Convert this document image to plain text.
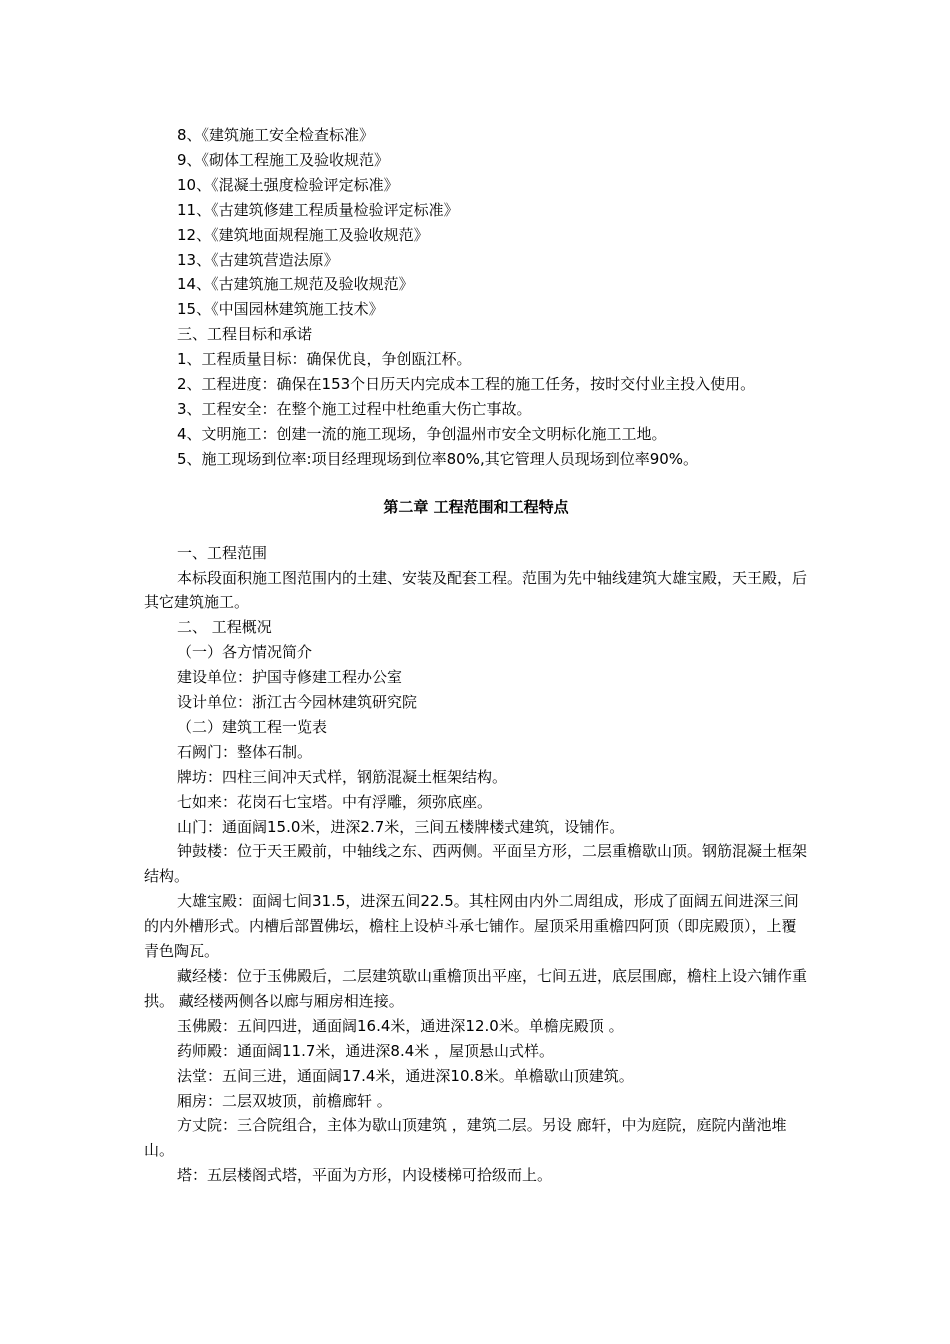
8、《建筑施工安全检查标准》

9、《砌体工程施工及验收规范》

10、《混凝土强度检验评定标准》

11、《古建筑修建工程质量检验评定标准》

12、《建筑地面规程施工及验收规范》

13、《古建筑营造法原》

14、《古建筑施工规范及验收规范》

15、《中国园林建筑施工技术》

三、工程目标和承诺

1、工程质量目标：确保优良，争创瓯江杯。

2、工程进度：确保在153个日历天内完成本工程的施工任务，按时交付业主投入使用。

3、工程安全：在整个施工过程中杜绝重大伤亡事故。

4、文明施工：创建一流的施工现场，争创温州市安全文明标化施工工地。

5、施工现场到位率:项目经理现场到位率80%,其它管理人员现场到位率90%。

第二章 工程范围和工程特点

一、工程范围

本标段面积施工图范围内的土建、安装及配套工程。范围为先中轴线建筑大雄宝殿，天王殿，后其它建筑施工。

二、 工程概况

（一）各方情况简介

建设单位：护国寺修建工程办公室

设计单位：浙江古今园林建筑研究院

（二）建筑工程一览表

石阙门：整体石制。

牌坊：四柱三间冲天式样，钢筋混凝土框架结构。

七如来：花岗石七宝塔。中有浮雕，须弥底座。

山门：通面阔15.0米，进深2.7米，三间五楼牌楼式建筑，设铺作。

钟鼓楼：位于天王殿前，中轴线之东、西两侧。平面呈方形，二层重檐歇山顶。钢筋混凝土框架结构。

大雄宝殿：面阔七间31.5，进深五间22.5。其柱网由内外二周组成，形成了面阔五间进深三间的内外槽形式。内槽后部置佛坛，檐柱上设栌斗承七铺作。屋顶采用重檐四阿顶（即庑殿顶），上覆青色陶瓦。

藏经楼：位于玉佛殿后，二层建筑歇山重檐顶出平座，七间五进，底层围廊，檐柱上设六铺作重拱。 藏经楼两侧各以廊与厢房相连接。

玉佛殿：五间四进，通面阔16.4米，通进深12.0米。单檐庑殿顶 。

药师殿：通面阔11.7米，通进深8.4米 ，屋顶悬山式样。

法堂：五间三进，通面阔17.4米，通进深10.8米。单檐歇山顶建筑。

厢房：二层双坡顶，前檐廊轩 。

方丈院：三合院组合，主体为歇山顶建筑 ，建筑二层。另设 廊轩，中为庭院，庭院内凿池堆山。

塔：五层楼阁式塔，平面为方形，内设楼梯可拾级而上。
